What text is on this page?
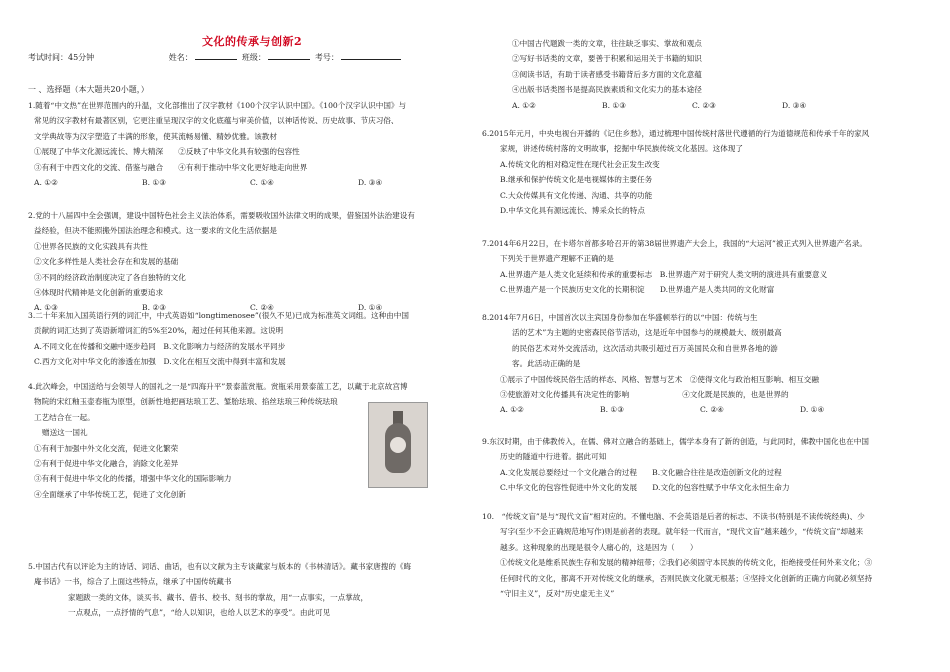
文化的传承与创新2
考试时间：45分钟	姓名：	班级：	考号：
一 、选择题（本大题共20小题，）
1.随着“中文热”在世界范围内的升温，文化部推出了汉字教材《100个汉字认识中国》。《100个汉字认识中国》与
常见的汉字教材有最著区别，它更注重呈现汉字的文化底蕴与审美价值，以神话传说、历史故事、节庆习俗、
文学典故等为汉字塑造了丰满的形象，使其流畅易懂、精妙优雅。该教材
①展现了中华文化源远流长、博大精深　　②反映了中华文化具有较强的包容性
③有利于中西文化的交流、借鉴与融合　　④有利于推动中华文化更好地走向世界
A. ①②	B. ①③	C. ①④	D. ③④
2.党的十八届四中全会强调，建设中国特色社会主义法治体系，需要吸收国外法律文明的成果，借鉴国外法治建设有
益经验，但决不能照搬外国法治理念和模式。这一要求的文化生活依据是
①世界各民族的文化实践具有共性
②文化多样性是人类社会存在和发展的基础
③不同的经济政治制度决定了各自独特的文化
④体现时代精神是文化创新的重要追求
A. ①③	B. ②③	C. ②④	D. ①④
3.二十年来加入国英语行列的词汇中，中式英语如“longtimenosee”(很久不见)已成为标准英文词组。这种由中国
贡献的词汇达到了英语新增词汇的5%至20%，超过任何其他来源。这说明
A.不同文化在传播和交融中逐步趋同　B.文化影响力与经济的发展水平同步
C.西方文化对中华文化的渗透在加强　D.文化在相互交流中得到丰富和发展
4.此次峰会，中国送给与会领导人的国礼之一是“四海升平”景泰蓝赏瓶。赏瓶采用景泰蓝工艺，以藏于北京故宫博
物院的宋红釉玉壶春瓶为原型，创新性地把画珐琅工艺、錾胎珐琅、掐丝珐琅三种传统珐琅
工艺结合在一起。
赠送这一国礼
①有利于加强中外文化交流，促进文化繁荣
②有利于促进中华文化融合，消除文化差异
③有利于促进中华文化的传播，增强中华文化的国际影响力
④全面继承了中华传统工艺，促进了文化创新
5.中国古代有以评论为主的诗话、词话、曲话，也有以文献为主专谈藏家与版本的《书林清话》。藏书家唐搜的《晦
庵书话》一书，综合了上面这些特点，继承了中国传统藏书
家题跋一类的文体，谈买书、藏书、借书、校书、刻书的掌故，用“一点事实，一点掌故，
一点观点，一点抒情的气息”，“给人以知识，也给人以艺术的享受”。由此可见
①中国古代题跋一类的文章，往往缺乏事实、掌故和观点
②写好书话类的文章，要善于积累和运用关于书籍的知识
③阅读书话，有助于读者感受书籍背后多方面的文化意蕴
④出版书话类图书是提高民族素质和文化实力的基本途径
A. ①②	B. ①③	C. ②③	D. ③④
6.2015年元月，中央电视台开播的《记住乡愁》，通过梳理中国传统村落世代遵循的行为道德规范和传承千年的家风
家规，讲述传统村落的文明故事，挖掘中华民族传统文化基因。这体现了
A.传统文化的相对稳定性在现代社会正发生改变
B.继承和保护传统文化是电视媒体的主要任务
C.大众传媒具有文化传递、沟通、共享的功能
D.中华文化具有源远流长、博采众长的特点
7.2014年6月22日，在卡塔尔首都多哈召开的第38届世界遗产大会上，我国的“大运河”被正式列入世界遗产名录。
下列关于世界遗产理解不正确的是
A.世界遗产是人类文化延续和传承的重要标志　B.世界遗产对于研究人类文明的演进具有重要意义
C.世界遗产是一个民族历史文化的长期积淀　　D.世界遗产是人类共同的文化财富
8.2014年7月6日，中国首次以主宾国身份参加在华盛顿举行的以“中国：传统与生
活的艺术”为主题的史密森民俗节活动，这是近年中国参与的规模最大、级别最高
的民俗艺术对外交流活动，这次活动共吸引超过百万美国民众和自世界各地的游
客。此活动正确的是
①展示了中国传统民俗生活的样态、风格、智慧与艺术　②使得文化与政治相互影响、相互交融
③使旅游对文化传播具有决定性的影响　　　　　　　④文化既是民族的，也是世界的
A. ①②	B. ①③	C. ②④	D. ①④
9.东汉时期，由于佛教传入，在儒、佛对立融合的基础上，儒学本身有了新的创造，与此同时，佛教中国化也在中国
历史的隧道中行进着。据此可知
A.文化发展总要经过一个文化融合的过程　　B.文化融合往往是改造创新文化的过程
C.中华文化的包容性促进中外文化的发展　　D.文化的包容性赋予中华文化永恒生命力
10.　“传统文盲”是与“现代文盲”相对应的。不懂电脑、不会英语是后者的标志、不读书(特别是不读传统经典)、少
写字(至少不会正确规范地写作)则是前者的表现。就年轻一代而言，“现代文盲”越来越少，“传统文盲”却越来
越多。这种现象的出现是很令人痛心的，这是因为（　　）
①传统文化是维系民族生存和发展的精神纽带；②我们必须固守本民族的传统文化，拒绝接受任何外来文化；③
任何时代的文化，都离不开对传统文化的继承，否则民族文化就无根基；④坚持文化创新的正确方向就必须坚持
“守旧主义”，反对“历史虚无主义”
